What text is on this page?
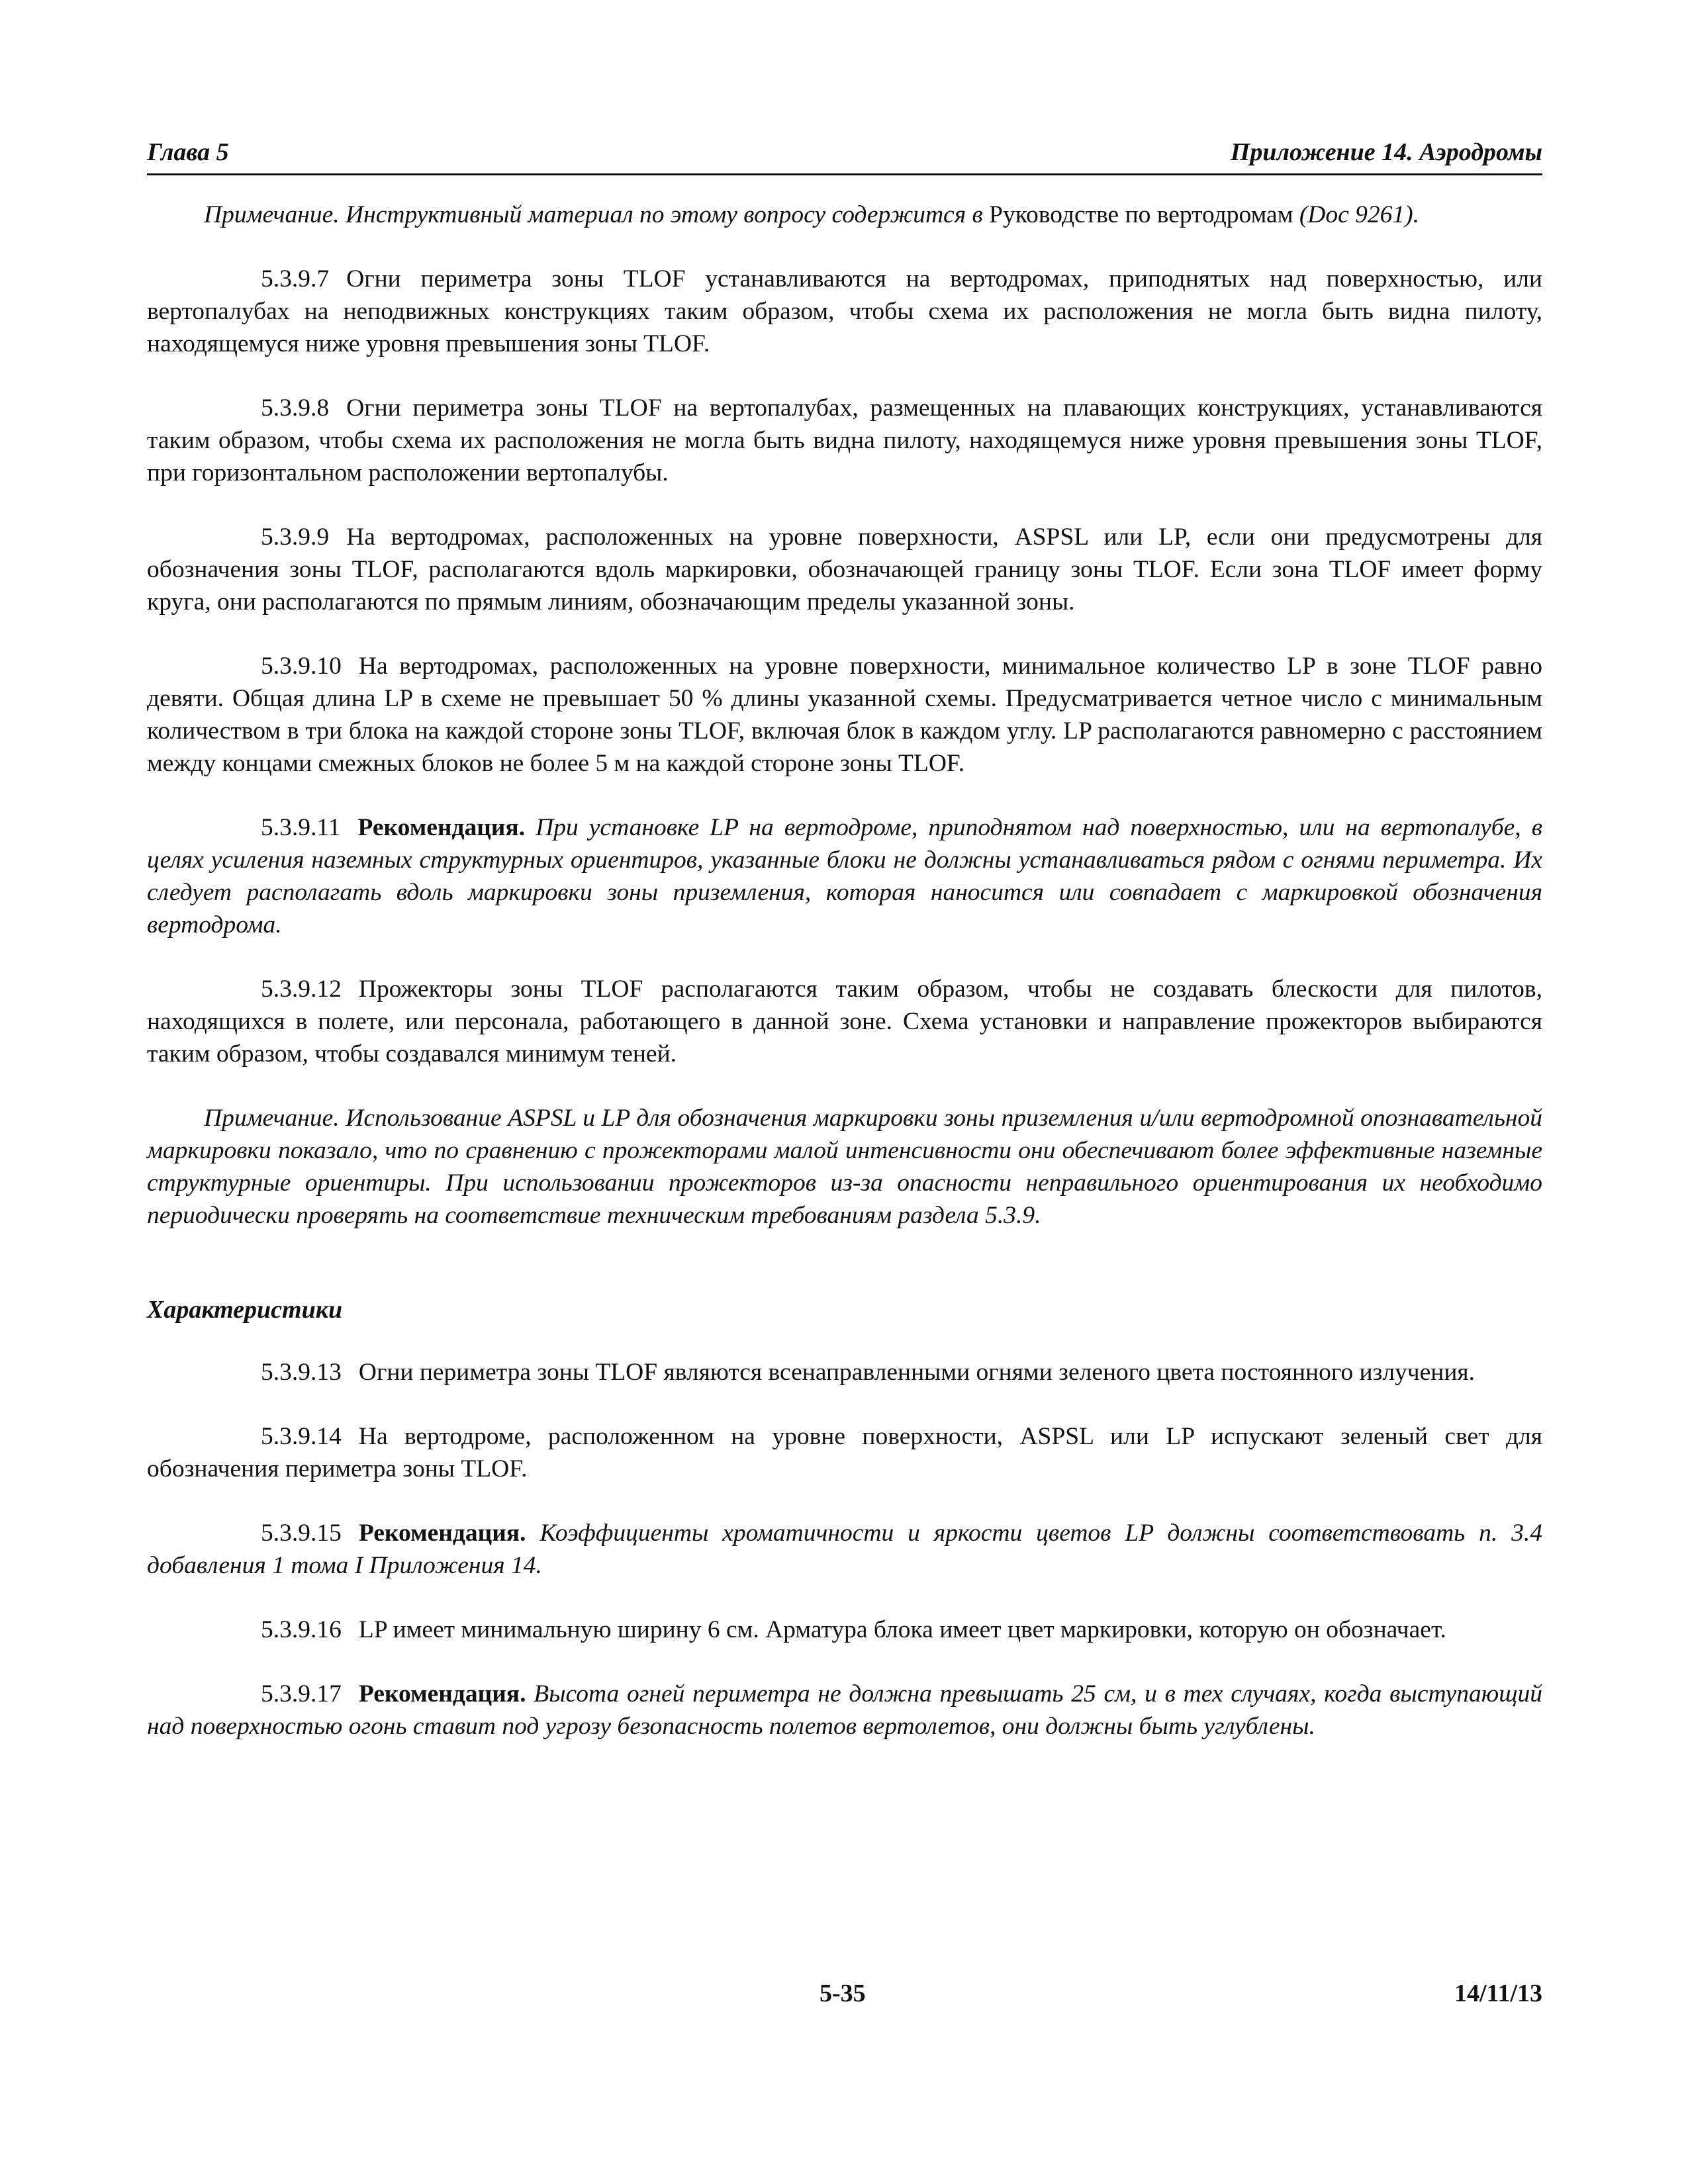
Глава 5	Приложение 14. Аэродромы

Примечание. Инструктивный материал по этому вопросу содержится в Руководстве по вертодромам (Doc 9261).

5.3.9.7 Огни периметра зоны TLOF устанавливаются на вертодромах, приподнятых над поверхностью, или вертопалубах на неподвижных конструкциях таким образом, чтобы схема их расположения не могла быть видна пилоту, находящемуся ниже уровня превышения зоны TLOF.

5.3.9.8 Огни периметра зоны TLOF на вертопалубах, размещенных на плавающих конструкциях, устанавливаются таким образом, чтобы схема их расположения не могла быть видна пилоту, находящемуся ниже уровня превышения зоны TLOF, при горизонтальном расположении вертопалубы.

5.3.9.9 На вертодромах, расположенных на уровне поверхности, ASPSL или LP, если они предусмотрены для обозначения зоны TLOF, располагаются вдоль маркировки, обозначающей границу зоны TLOF. Если зона TLOF имеет форму круга, они располагаются по прямым линиям, обозначающим пределы указанной зоны.

5.3.9.10 На вертодромах, расположенных на уровне поверхности, минимальное количество LP в зоне TLOF равно девяти. Общая длина LP в схеме не превышает 50 % длины указанной схемы. Предусматривается четное число с минимальным количеством в три блока на каждой стороне зоны TLOF, включая блок в каждом углу. LP располагаются равномерно с расстоянием между концами смежных блоков не более 5 м на каждой стороне зоны TLOF.

5.3.9.11 Рекомендация. При установке LP на вертодроме, приподнятом над поверхностью, или на вертопалубе, в целях усиления наземных структурных ориентиров, указанные блоки не должны устанавливаться рядом с огнями периметра. Их следует располагать вдоль маркировки зоны приземления, которая наносится или совпадает с маркировкой обозначения вертодрома.

5.3.9.12 Прожекторы зоны TLOF располагаются таким образом, чтобы не создавать блескости для пилотов, находящихся в полете, или персонала, работающего в данной зоне. Схема установки и направление прожекторов выбираются таким образом, чтобы создавался минимум теней.

Примечание. Использование ASPSL и LP для обозначения маркировки зоны приземления и/или вертодромной опознавательной маркировки показало, что по сравнению с прожекторами малой интенсивности они обеспечивают более эффективные наземные структурные ориентиры. При использовании прожекторов из-за опасности неправильного ориентирования их необходимо периодически проверять на соответствие техническим требованиям раздела 5.3.9.

Характеристики

5.3.9.13 Огни периметра зоны TLOF являются всенаправленными огнями зеленого цвета постоянного излучения.

5.3.9.14 На вертодроме, расположенном на уровне поверхности, ASPSL или LP испускают зеленый свет для обозначения периметра зоны TLOF.

5.3.9.15 Рекомендация. Коэффициенты хроматичности и яркости цветов LP должны соответствовать п. 3.4 добавления 1 тома I Приложения 14.

5.3.9.16 LP имеет минимальную ширину 6 см. Арматура блока имеет цвет маркировки, которую он обозначает.

5.3.9.17 Рекомендация. Высота огней периметра не должна превышать 25 см, и в тех случаях, когда выступающий над поверхностью огонь ставит под угрозу безопасность полетов вертолетов, они должны быть углублены.

5-35	14/11/13
